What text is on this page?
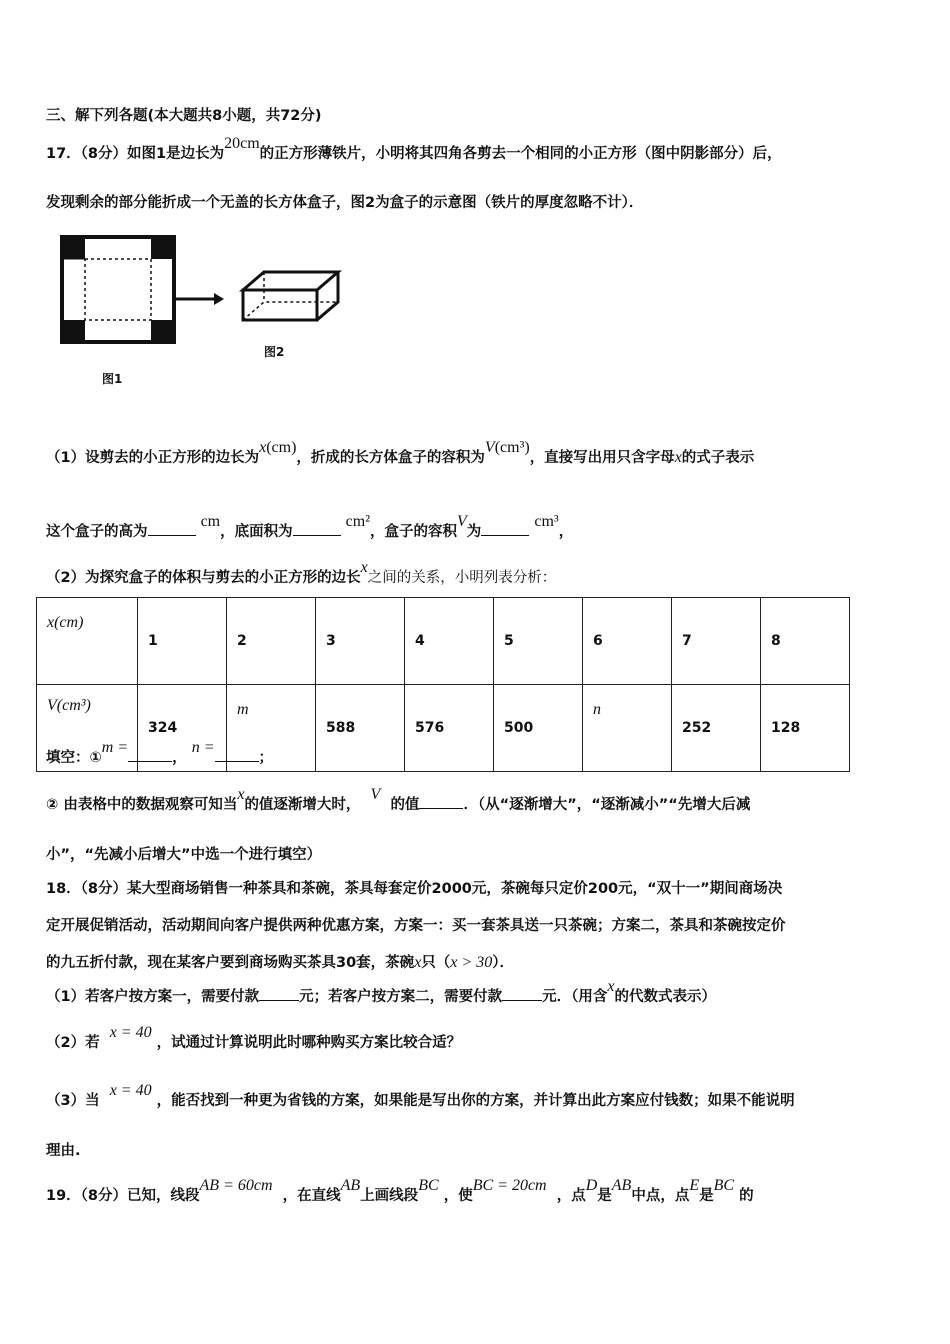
三、解下列各题(本大题共8小题，共72分)
17．（8分）如图1是边长为20cm的正方形薄铁片，小明将其四角各剪去一个相同的小正方形（图中阴影部分）后，
发现剩余的部分能折成一个无盖的长方体盒子，图2为盒子的示意图（铁片的厚度忽略不计）．
图2
图1
（1）设剪去的小正方形的边长为x(cm)，折成的长方体盒子的容积为V(cm³)，直接写出用只含字母x的式子表示
这个盒子的高为 cm，底面积为 cm²，盒子的容积V为 cm³，
（2）为探究盒子的体积与剪去的小正方形的边长x之间的关系，小明列表分析：
x(cm)	1	2	3	4	5	6	7	8
V(cm³)	324	m	588	576	500	n	252	128
填空：①m =， n =；
② 由表格中的数据观察可知当x的值逐渐增大时，  V  的值	．（从“逐渐增大”，“逐渐减小”“先增大后减
小”，“先减小后增大”中选一个进行填空）
18．（8分）某大型商场销售一种茶具和茶碗，茶具每套定价2000元，茶碗每只定价200元，“双十一”期间商场决
定开展促销活动，活动期间向客户提供两种优惠方案，方案一：买一套茶具送一只茶碗；方案二，茶具和茶碗按定价
的九五折付款，现在某客户要到商场购买茶具30套，茶碗x只（x > 30）．
（1）若客户按方案一，需要付款	元；若客户按方案二，需要付款	元．（用含x的代数式表示）
（2）若  x = 40 ，试通过计算说明此时哪种购买方案比较合适？
（3）当  x = 40 ，能否找到一种更为省钱的方案，如果能是写出你的方案，并计算出此方案应付钱数；如果不能说明
理由.
19．（8分）已知，线段AB = 60cm  ，在直线AB上画线段BC ，使BC = 20cm  ，点D是AB中点，点E是BC 的
